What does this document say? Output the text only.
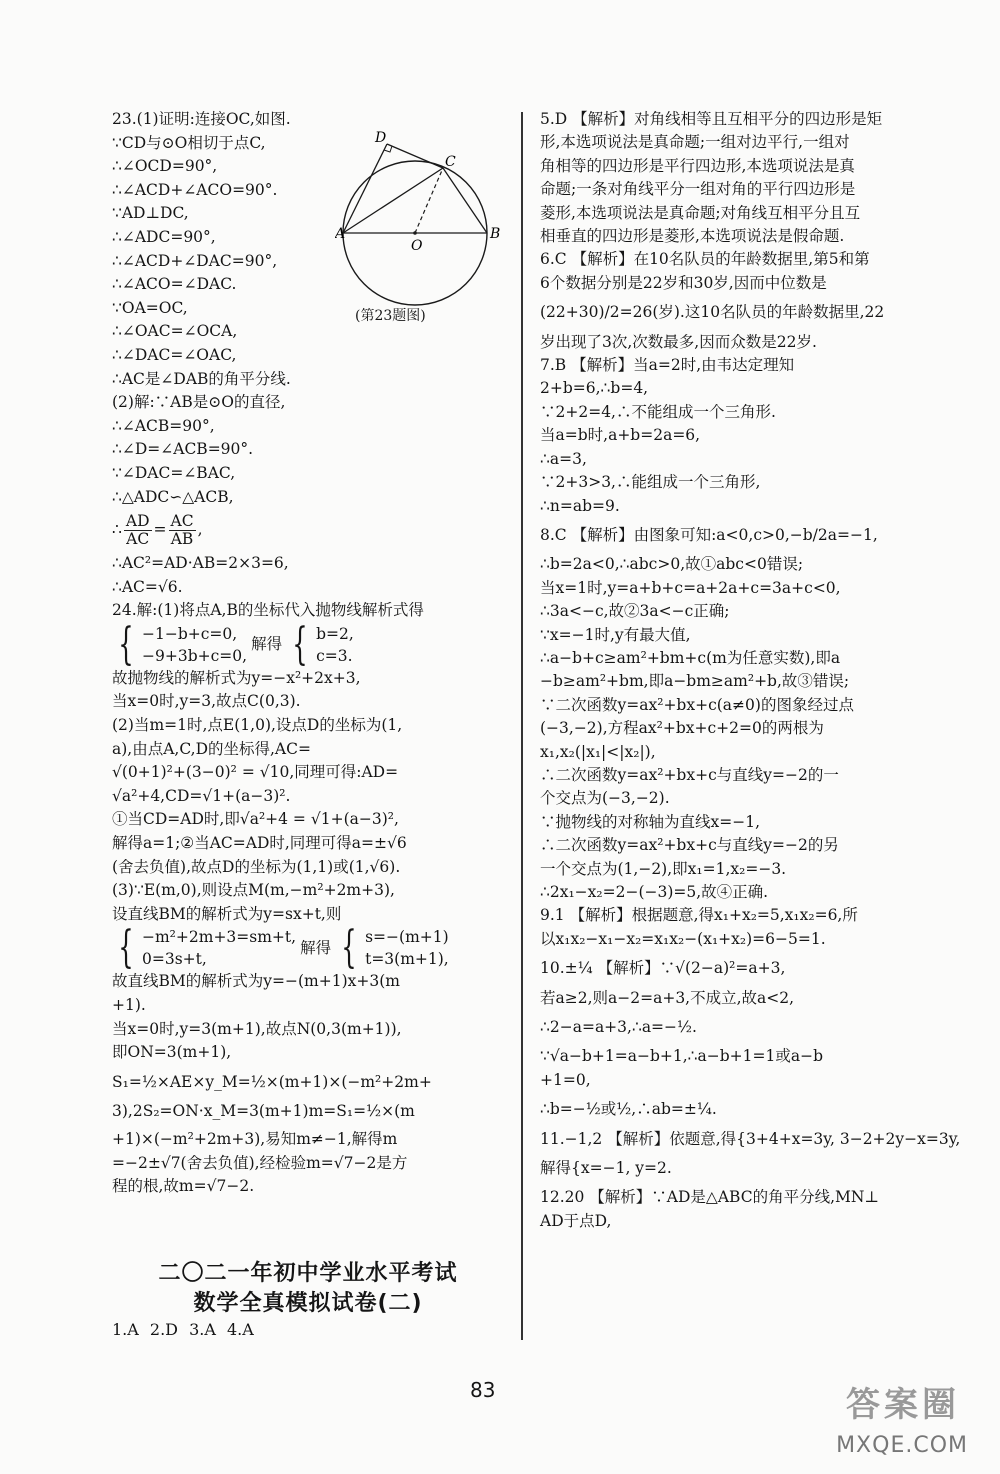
23.(1)证明:连接OC,如图.
∵CD与⊙O相切于点C,
∴∠OCD=90°,
∴∠ACD+∠ACO=90°.
∵AD⊥DC,
∴∠ADC=90°,
∴∠ACD+∠DAC=90°,
∴∠ACO=∠DAC.
∵OA=OC,
∴∠OAC=∠OCA,
∴∠DAC=∠OAC,
∴AC是∠DAB的角平分线.
(2)解:∵AB是⊙O的直径,
∴∠ACB=90°,
∴∠D=∠ACB=90°.
∵∠DAC=∠BAC,
∴△ADC∽△ACB,
∴ $\frac{AD}{AC} = \frac{AC}{AB}$ ,
∴AC²=AD·AB=2×3=6,
∴AC=√6.
24.解:(1)将点A,B的坐标代入抛物线解析式得
{ −1−b+c=0,
−9+3b+c=0,
解得 { b=2,
c=3.
故抛物线的解析式为y=−x²+2x+3,
当x=0时,y=3,故点C(0,3).
(2)当m=1时,点E(1,0),设点D的坐标为(1,
a),由点A,C,D的坐标得,AC=
√(0+1)²+(3−0)² = √10,同理可得:AD=
√a²+4,CD=√1+(a−3)².
①当CD=AD时,即√a²+4 = √1+(a−3)²,
解得a=1;②当AC=AD时,同理可得a=±√6
(舍去负值),故点D的坐标为(1,1)或(1,√6).
(3)∵E(m,0),则设点M(m,−m²+2m+3),
设直线BM的解析式为y=sx+t,则
{ −m²+2m+3=sm+t,
0=3s+t,
解得 { s=−(m+1)
t=3(m+1),
故直线BM的解析式为y=−(m+1)x+3(m
+1).
当x=0时,y=3(m+1),故点N(0,3(m+1)),
即ON=3(m+1),
S₁=½×AE×y_M=½×(m+1)×(−m²+2m+
3),2S₂=ON·x_M=3(m+1)m=S₁=½×(m
+1)×(−m²+2m+3),易知m≠−1,解得m
=−2±√7(舍去负值),经检验m=√7−2是方
程的根,故m=√7−2.
二〇二一年初中学业水平考试
数学全真模拟试卷(二)
1.A 2.D 3.A 4.A
D
C
A
O
B
(第23题图)
5.D 【解析】对角线相等且互相平分的四边形是矩
形,本选项说法是真命题;一组对边平行,一组对
角相等的四边形是平行四边形,本选项说法是真
命题;一条对角线平分一组对角的平行四边形是
菱形,本选项说法是真命题;对角线互相平分且互
相垂直的四边形是菱形,本选项说法是假命题.
6.C 【解析】在10名队员的年龄数据里,第5和第
6个数据分别是22岁和30岁,因而中位数是
(22+30)/2=26(岁).这10名队员的年龄数据里,22
岁出现了3次,次数最多,因而众数是22岁.
7.B 【解析】当a=2时,由韦达定理知
2+b=6,∴b=4,
∵2+2=4,∴不能组成一个三角形.
当a=b时,a+b=2a=6,
∴a=3,
∵2+3>3,∴能组成一个三角形,
∴n=ab=9.
8.C 【解析】由图象可知:a<0,c>0,−b/2a=−1,
∴b=2a<0,∴abc>0,故①abc<0错误;
当x=1时,y=a+b+c=a+2a+c=3a+c<0,
∴3a<−c,故②3a<−c正确;
∵x=−1时,y有最大值,
∴a−b+c≥am²+bm+c(m为任意实数),即a
−b≥am²+bm,即a−bm≥am²+b,故③错误;
∵二次函数y=ax²+bx+c(a≠0)的图象经过点
(−3,−2),方程ax²+bx+c+2=0的两根为
x₁,x₂(|x₁|<|x₂|),
∴二次函数y=ax²+bx+c与直线y=−2的一
个交点为(−3,−2).
∵抛物线的对称轴为直线x=−1,
∴二次函数y=ax²+bx+c与直线y=−2的另
一个交点为(1,−2),即x₁=1,x₂=−3.
∴2x₁−x₂=2−(−3)=5,故④正确.
9.1 【解析】根据题意,得x₁+x₂=5,x₁x₂=6,所
以x₁x₂−x₁−x₂=x₁x₂−(x₁+x₂)=6−5=1.
10.±¼ 【解析】∵√(2−a)²=a+3,
若a≥2,则a−2=a+3,不成立,故a<2,
∴2−a=a+3,∴a=−½.
∵√a−b+1=a−b+1,∴a−b+1=1或a−b
+1=0,
∴b=−½或½,∴ab=±¼.
11.−1,2 【解析】依题意,得{3+4+x=3y, 3−2+2y−x=3y,
解得{x=−1, y=2.
12.20 【解析】∵AD是△ABC的角平分线,MN⊥
AD于点D,
83	答案圈
MXQE.COM
